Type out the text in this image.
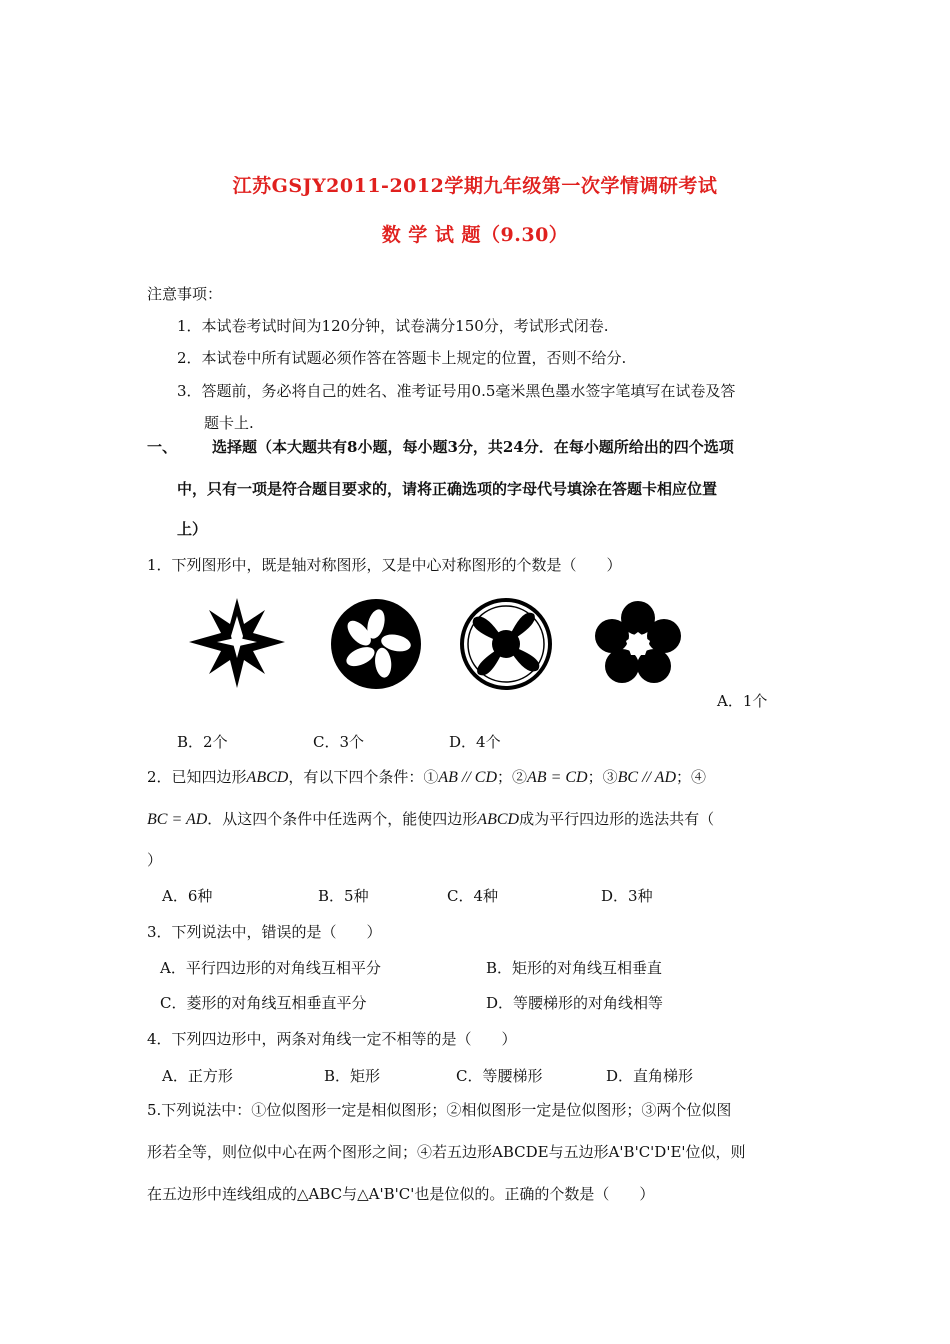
江苏GSJY2011-2012学期九年级第一次学情调研考试
数 学 试 题（9.30）
注意事项：
1．本试卷考试时间为120分钟，试卷满分150分，考试形式闭卷.
2．本试卷中所有试题必须作答在答题卡上规定的位置，否则不给分.
3．答题前，务必将自己的姓名、准考证号用0.5毫米黑色墨水签字笔填写在试卷及答
题卡上.
一、 选择题（本大题共有8小题，每小题3分，共24分．在每小题所给出的四个选项
中，只有一项是符合题目要求的，请将正确选项的字母代号填涂在答题卡相应位置
上）
1．下列图形中，既是轴对称图形，又是中心对称图形的个数是（　　）
A．1个
B．2个	C．3个	D．4个
2．已知四边形ABCD，有以下四个条件：①AB // CD；②AB = CD；③BC // AD；④
BC = AD．从这四个条件中任选两个，能使四边形ABCD成为平行四边形的选法共有（
）
A．6种	B．5种	C．4种	D．3种
3．下列说法中，错误的是（　　）
A．平行四边形的对角线互相平分	B．矩形的对角线互相垂直
C．菱形的对角线互相垂直平分	D．等腰梯形的对角线相等
4．下列四边形中，两条对角线一定不相等的是（　　）
A．正方形	B．矩形	C．等腰梯形	D．直角梯形
5.下列说法中：①位似图形一定是相似图形；②相似图形一定是位似图形；③两个位似图
形若全等，则位似中心在两个图形之间；④若五边形ABCDE与五边形A'B'C'D'E'位似，则
在五边形中连线组成的△ABC与△A'B'C'也是位似的。正确的个数是（　　）
